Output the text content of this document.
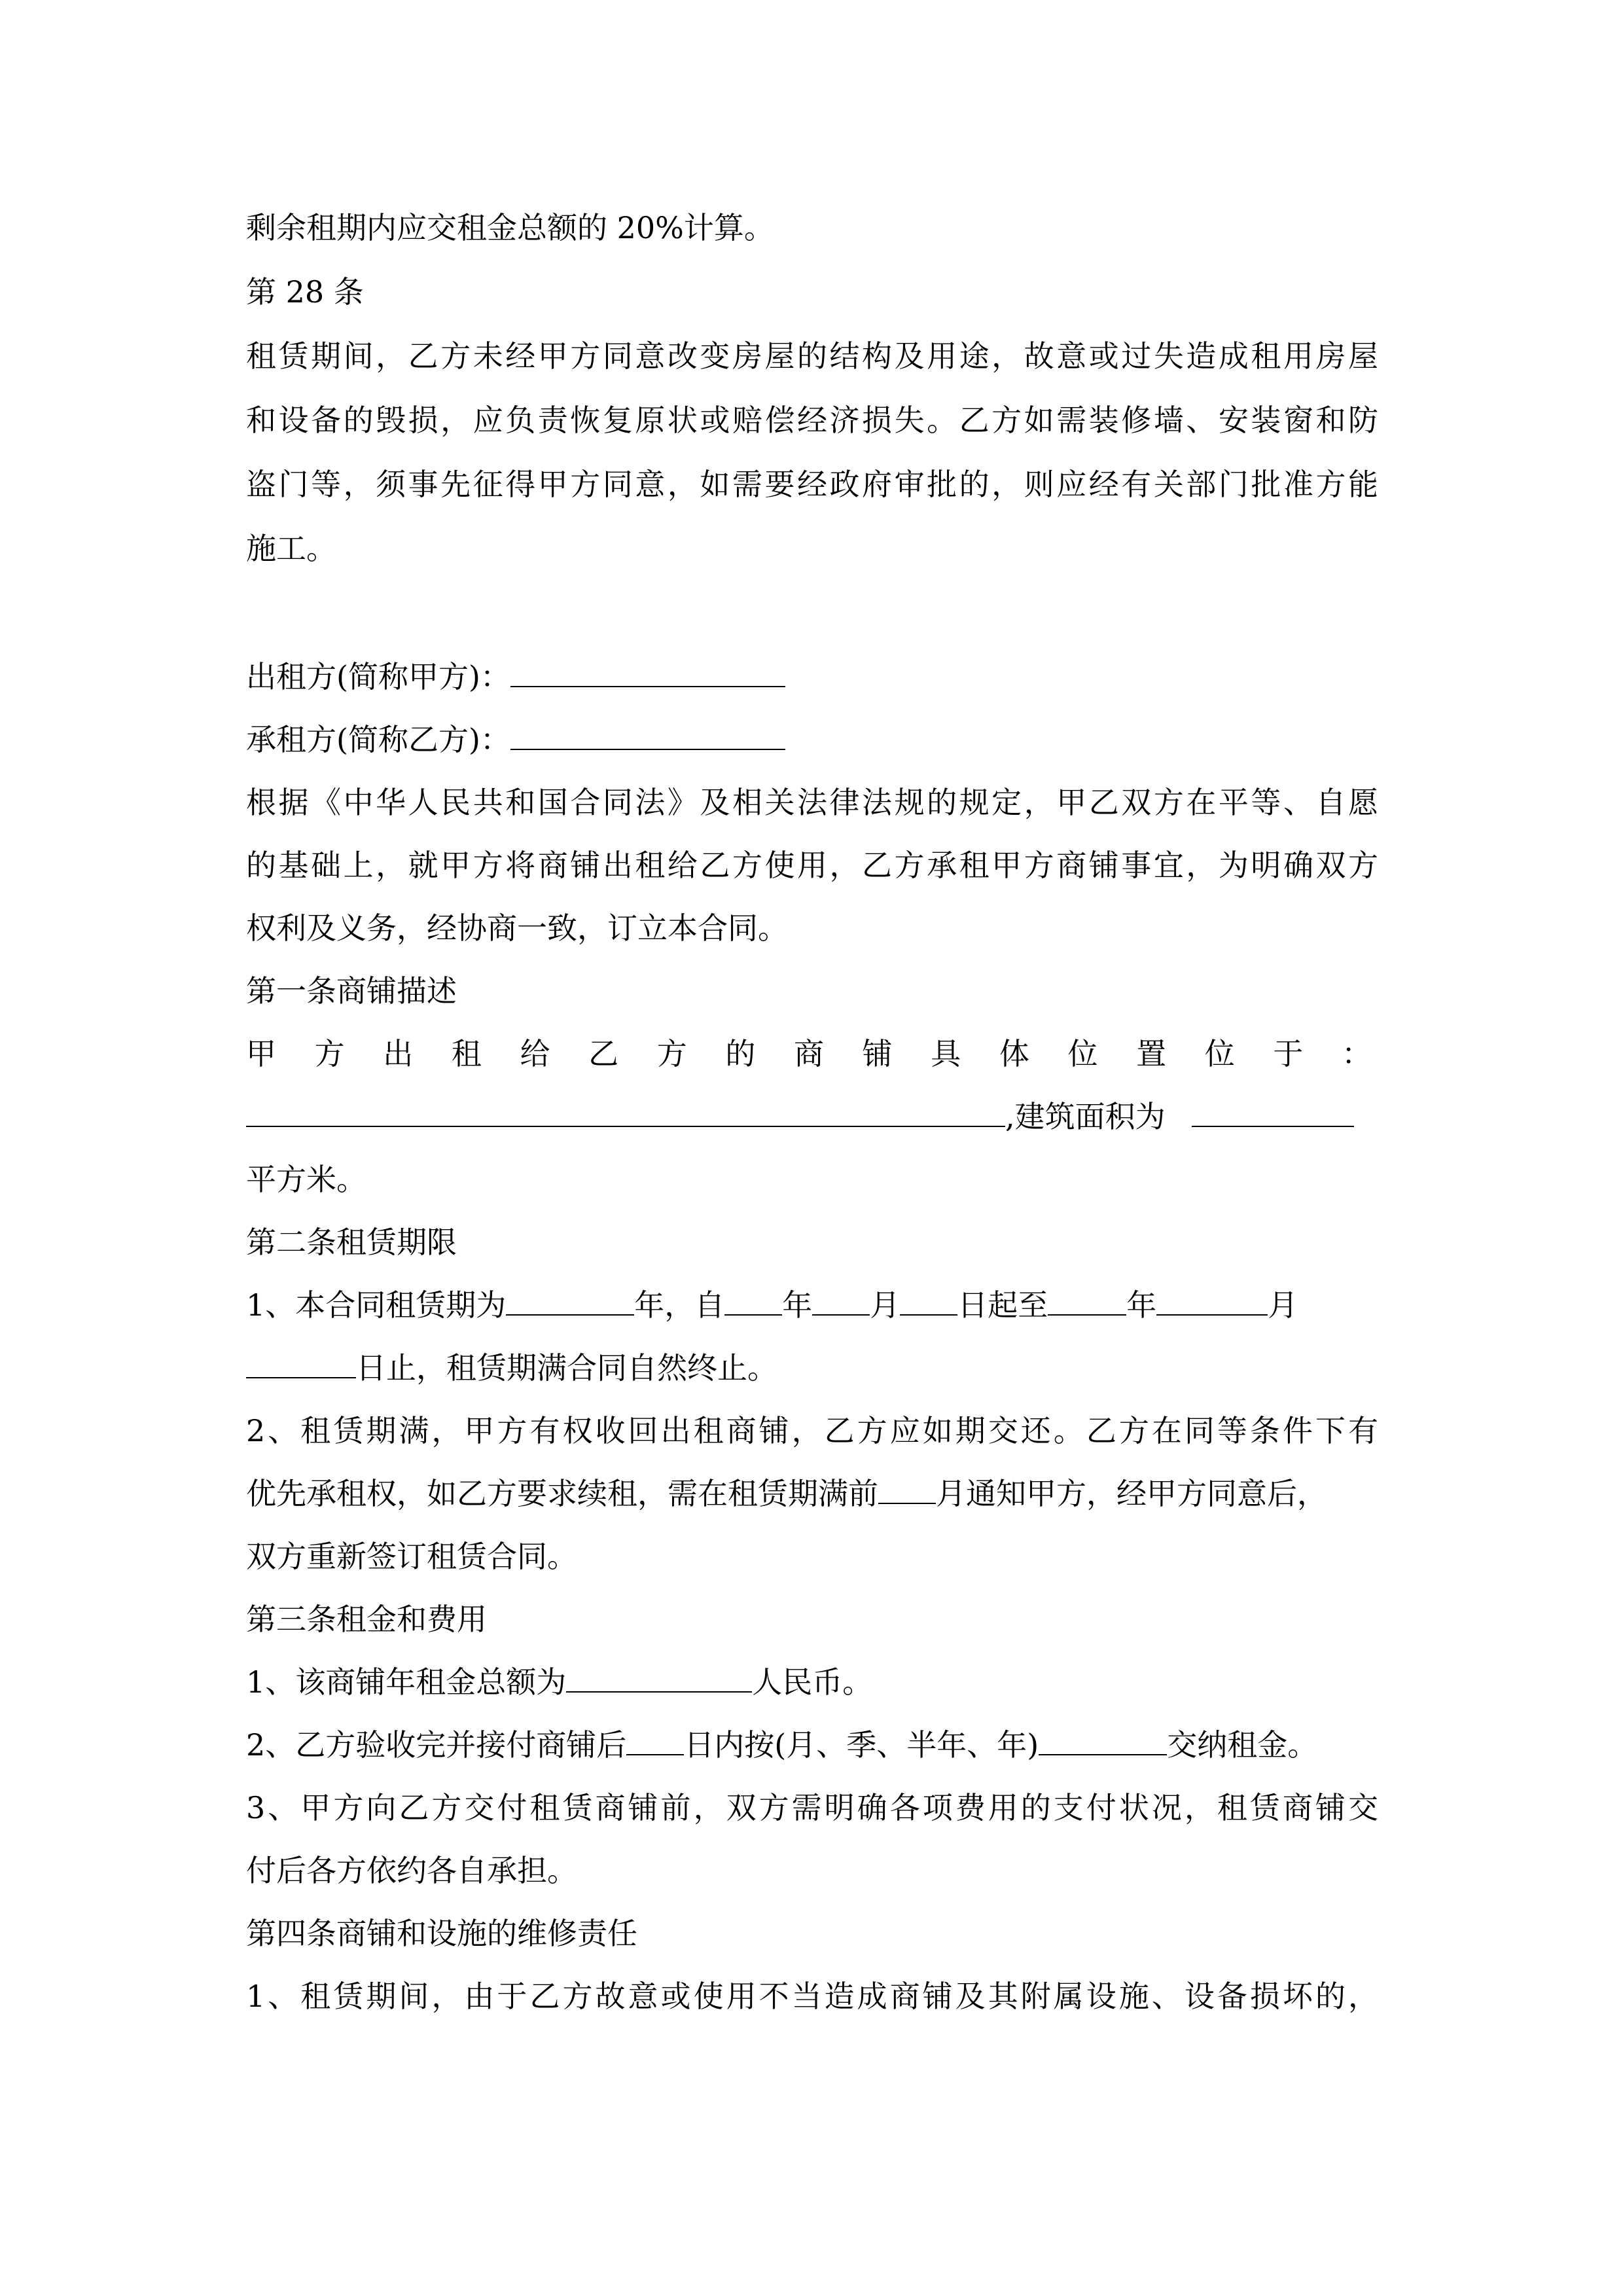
剩余租期内应交租金总额的 20%计算。
第 28 条
租赁期间，乙方未经甲方同意改变房屋的结构及用途，故意或过失造成租用房屋
和设备的毁损，应负责恢复原状或赔偿经济损失。乙方如需装修墙、安装窗和防
盗门等，须事先征得甲方同意，如需要经政府审批的，则应经有关部门批准方能
施工。
出租方(简称甲方)：
承租方(简称乙方)：
根据《中华人民共和国合同法》及相关法律法规的规定，甲乙双方在平等、自愿
的基础上，就甲方将商铺出租给乙方使用，乙方承租甲方商铺事宜，为明确双方
权利及义务，经协商一致，订立本合同。
第一条商铺描述
甲 方 出 租 给 乙 方 的 商 铺 具 体 位 置 位 于 ：
,建筑面积为
平方米。
第二条租赁期限
1、本合同租赁期为	年，自 年 月 日起至	年	月
日止，租赁期满合同自然终止。
2、租赁期满，甲方有权收回出租商铺，乙方应如期交还。乙方在同等条件下有
优先承租权，如乙方要求续租，需在租赁期满前 月通知甲方，经甲方同意后，
双方重新签订租赁合同。
第三条租金和费用
1、该商铺年租金总额为	人民币。
2、乙方验收完并接付商铺后 日内按(月、季、半年、年)	交纳租金。
3、甲方向乙方交付租赁商铺前，双方需明确各项费用的支付状况，租赁商铺交
付后各方依约各自承担。
第四条商铺和设施的维修责任
1、租赁期间，由于乙方故意或使用不当造成商铺及其附属设施、设备损坏的，
